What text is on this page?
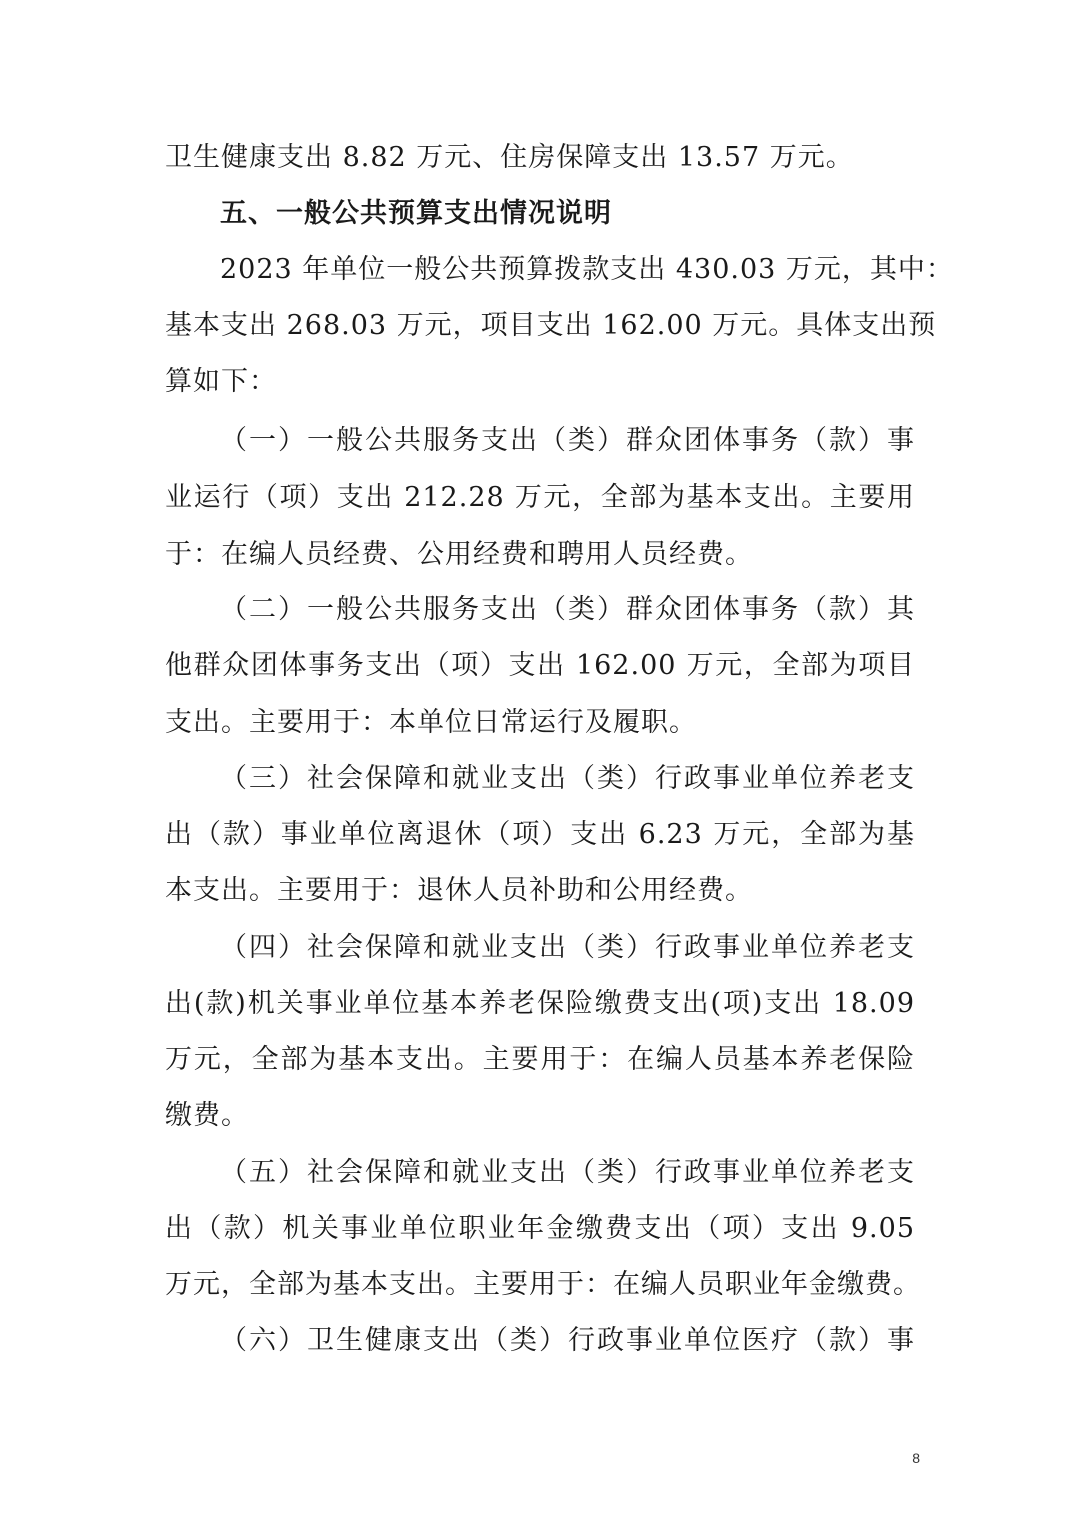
卫生健康支出 8.82 万元、住房保障支出 13.57 万元。
五、一般公共预算支出情况说明
2023 年单位一般公共预算拨款支出 430.03 万元，其中：
基本支出 268.03 万元，项目支出 162.00 万元。具体支出预
算如下：
（一）一般公共服务支出（类）群众团体事务（款）事
业运行（项）支出 212.28 万元，全部为基本支出。主要用
于：在编人员经费、公用经费和聘用人员经费。
（二）一般公共服务支出（类）群众团体事务（款）其
他群众团体事务支出（项）支出 162.00 万元，全部为项目
支出。主要用于：本单位日常运行及履职。
（三）社会保障和就业支出（类）行政事业单位养老支
出（款）事业单位离退休（项）支出 6.23 万元，全部为基
本支出。主要用于：退休人员补助和公用经费。
（四）社会保障和就业支出（类）行政事业单位养老支
出(款)机关事业单位基本养老保险缴费支出(项)支出 18.09
万元，全部为基本支出。主要用于：在编人员基本养老保险
缴费。
（五）社会保障和就业支出（类）行政事业单位养老支
出（款）机关事业单位职业年金缴费支出（项）支出 9.05
万元，全部为基本支出。主要用于：在编人员职业年金缴费。
（六）卫生健康支出（类）行政事业单位医疗（款）事
8
